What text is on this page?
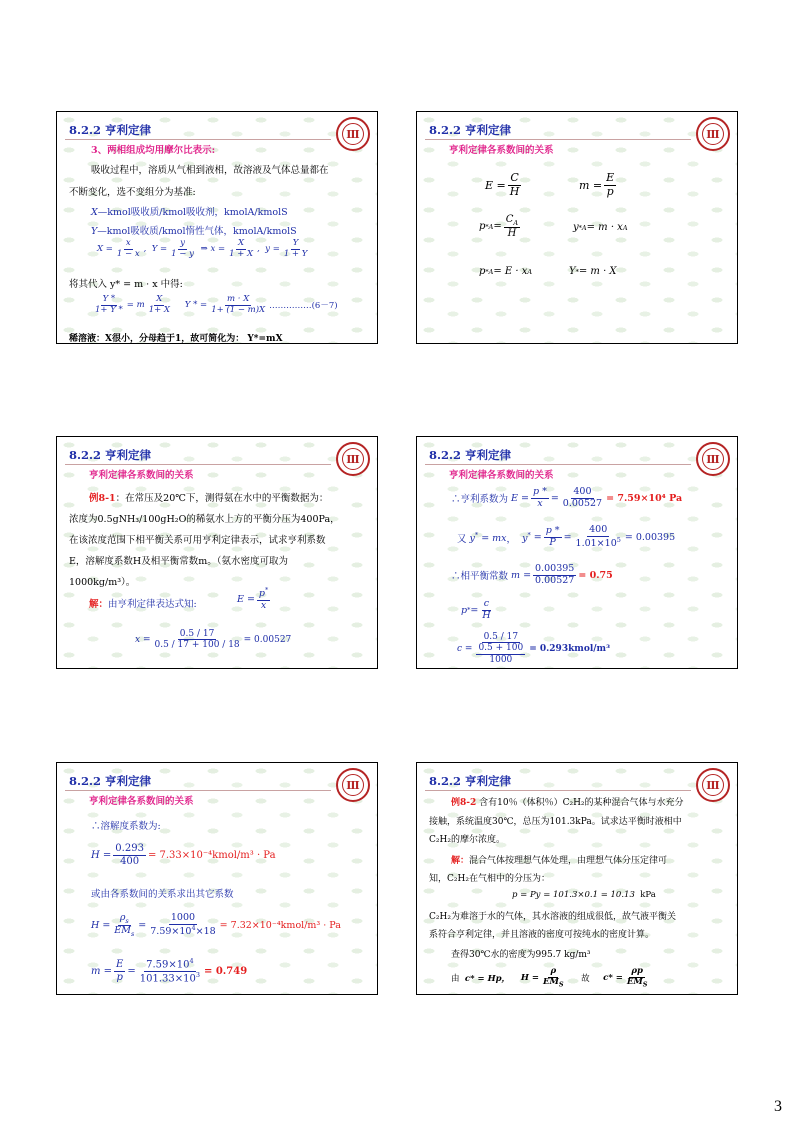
8.2.2 亨利定律	Ⅲ
3、两相组成均用摩尔比表示:
吸收过程中，溶质从气相到液相，故溶液及气体总量都在
不断变化，选不变组分为基准:
X—kmol吸收质/kmol吸收剂，kmolA/kmolS
Y—kmol吸收质/kmol惰性气体，kmolA/kmolS
$X = \frac{x}{1 - x}$ ,  $Y = \frac{y}{1 - y}$ ⇒ $x = \frac{X}{1 + X}$ ,  $y = \frac{Y}{1 + Y}$
将其代入 y* = m · x 中得:
$\frac{Y *}{1+ Y *} = m \frac{X}{1+ X}$ Y * = $\frac{m \cdot X}{1+ (1 - m)X}$ ……………(6－7)
稀溶液：X很小，分母趋于1，故可简化为： Y*=mX
8.2.2 亨利定律	Ⅲ
亨利定律各系数间的关系
$E = \frac{C}{H}$	$m = \frac{E}{p}$
$p * A = \frac{C_A}{H}$	y * A = m · x A
p * A = E · x A	Y * = m · X
8.2.2 亨利定律	Ⅲ
亨利定律各系数间的关系
例8-1：在常压及20℃下，测得氨在水中的平衡数据为：
浓度为0.5gNH₃/100gH₂O的稀氨水上方的平衡分压为400Pa，
在该浓度范围下相平衡关系可用亨利定律表示，试求亨利系数
E，溶解度系数H及相平衡常数m。（氨水密度可取为
1000kg/m³）。
解：由亨利定律表达式知:	$E = \frac{p^*}{x}$
$x = \frac{0.5 / 17}{0.5 / 17 + 100 / 18} = 0.00527$
8.2.2 亨利定律	Ⅲ
亨利定律各系数间的关系
∴亨利系数为
$E = \frac{p *}{x} = \frac{400}{0.00527} = 7.59\times 10^4$ Pa
又
y* = mx ， $y^* = \frac{p *}{P} = \frac{400}{1.01\times 10^5} = 0.00395$
∴相平衡常数
$m = \frac{0.00395}{0.00527} = 0.75$
p * = $\frac{c}{H}$
$c = \frac{0.5 / 17}{\frac{0.5 + 100}{1000}}$ = 0.293kmol/m³
8.2.2 亨利定律	Ⅲ
亨利定律各系数间的关系
∴溶解度系数为:
$H = \frac{0.293}{400}$ = 7.33×10⁻⁴kmol/m³ · Pa
或由各系数间的关系求出其它系数
$H = \frac{\rho_s}{EM_s} = \frac{1000}{7.59\times 10^4\times 18}$ = 7.32×10⁻⁴kmol/m³ · Pa
$m = \frac{E}{p} = \frac{7.59\times 10^4}{101.33\times 10^3} = 0.749$
8.2.2 亨利定律	Ⅲ
例8-2 含有10％（体积％）C₂H₂的某种混合气体与水充分
接触，系统温度30℃，总压为101.3kPa。试求达平衡时液相中
C₂H₂的摩尔浓度。
解：混合气体按理想气体处理，由理想气体分压定律可
知，C₂H₂在气相中的分压为：
p = Py = 101.3×0.1 = 10.13 kPa
C₂H₂为难溶于水的气体，其水溶液的组成很低，故气液平衡关
系符合亨利定律，并且溶液的密度可按纯水的密度计算。
查得30℃水的密度为995.7 kg/m³
由
c* = Hp，
$H = \frac{\rho}{EM_S}$
故
$c* = \frac{\rho p}{EM_S}$
3
